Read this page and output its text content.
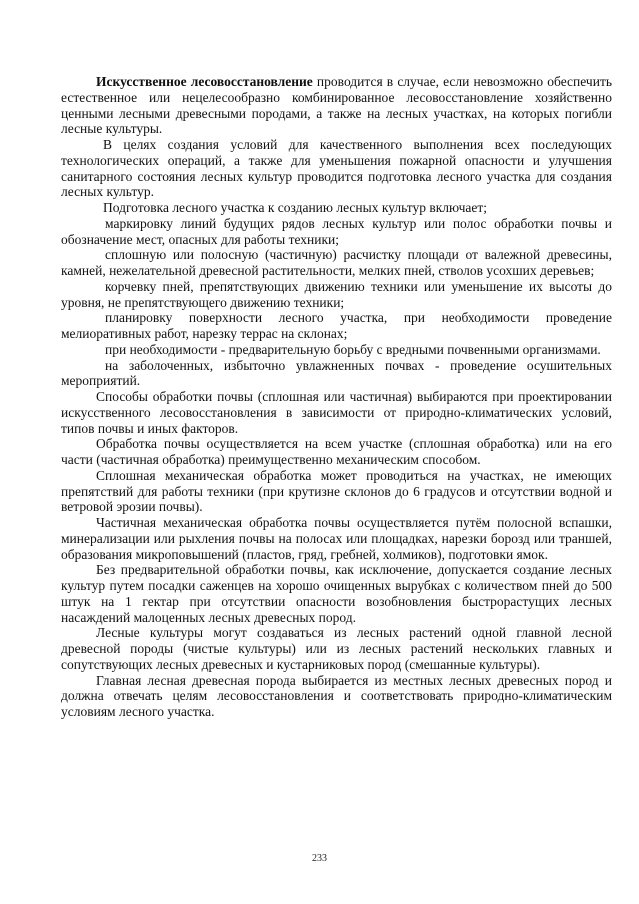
Искусственное лесовосстановление проводится в случае, если невозможно обеспечить естественное или нецелесообразно комбинированное лесовосстановление хозяйственно ценными лесными древесными породами, а также на лесных участках, на которых погибли лесные культуры.

В целях создания условий для качественного выполнения всех последующих технологических операций, а также для уменьшения пожарной опасности и улучшения санитарного состояния лесных культур проводится подготовка лесного участка для создания лесных культур.

Подготовка лесного участка к созданию лесных культур включает;

маркировку линий будущих рядов лесных культур или полос обработки почвы и обозначение мест, опасных для работы техники;

сплошную или полосную (частичную) расчистку площади от валежной древесины, камней, нежелательной древесной растительности, мелких пней, стволов усохших деревьев;

корчевку пней, препятствующих движению техники или уменьшение их высоты до уровня, не препятствующего движению техники;

планировку поверхности лесного участка, при необходимости проведение мелиоративных работ, нарезку террас на склонах;

при необходимости - предварительную борьбу с вредными почвенными организмами.

на заболоченных, избыточно увлажненных почвах - проведение осушительных мероприятий.

Способы обработки почвы (сплошная или частичная) выбираются при проектировании искусственного лесовосстановления в зависимости от природно-климатических условий, типов почвы и иных факторов.

Обработка почвы осуществляется на всем участке (сплошная обработка) или на его части (частичная обработка) преимущественно механическим способом.

Сплошная механическая обработка может проводиться на участках, не имеющих препятствий для работы техники (при крутизне склонов до 6 градусов и отсутствии водной и ветровой эрозии почвы).

Частичная механическая обработка почвы осуществляется путём полосной вспашки, минерализации или рыхления почвы на полосах или площадках, нарезки борозд или траншей, образования микроповышений (пластов, гряд, гребней, холмиков), подготовки ямок.

Без предварительной обработки почвы, как исключение, допускается создание лесных культур путем посадки саженцев на хорошо очищенных вырубках с количеством пней до 500 штук на 1 гектар при отсутствии опасности возобновления быстрорастущих лесных насаждений малоценных лесных древесных пород.

Лесные культуры могут создаваться из лесных растений одной главной лесной древесной породы (чистые культуры) или из лесных растений нескольких главных и сопутствующих лесных древесных и кустарниковых пород (смешанные культуры).

Главная лесная древесная порода выбирается из местных лесных древесных пород и должна отвечать целям лесовосстановления и соответствовать природно-климатическим условиям лесного участка.

233
